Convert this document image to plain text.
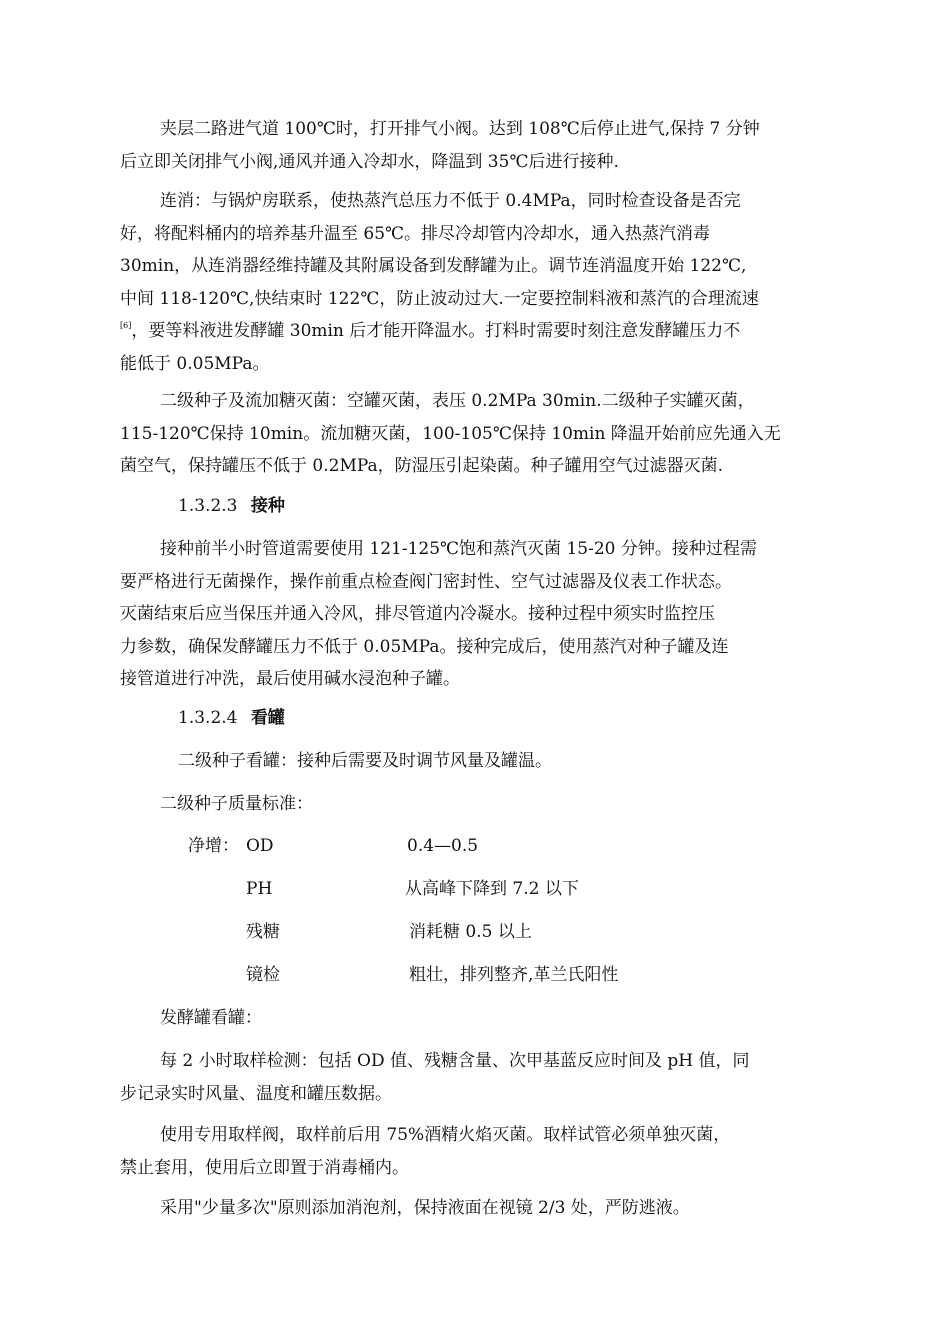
夹层二路进气道 100℃时，打开排气小阀。达到 108℃后停止进气,保持 7 分钟
后立即关闭排气小阀,通风并通入冷却水，降温到 35℃后进行接种.
连消：与锅炉房联系，使热蒸汽总压力不低于 0.4MPa，同时检查设备是否完
好，将配料桶内的培养基升温至 65℃。排尽冷却管内冷却水，通入热蒸汽消毒
30min，从连消器经维持罐及其附属设备到发酵罐为止。调节连消温度开始 122℃,
中间 118-120℃,快结束时 122℃，防止波动过大.一定要控制料液和蒸汽的合理流速
[6]，要等料液进发酵罐 30min 后才能开降温水。打料时需要时刻注意发酵罐压力不
能低于 0.05MPa。
二级种子及流加糖灭菌：空罐灭菌，表压 0.2MPa 30min.二级种子实罐灭菌，
115-120℃保持 10min。流加糖灭菌，100-105℃保持 10min 降温开始前应先通入无
菌空气，保持罐压不低于 0.2MPa，防湿压引起染菌。种子罐用空气过滤器灭菌.
1.3.2.3 接种
接种前半小时管道需要使用 121-125℃饱和蒸汽灭菌 15-20 分钟。接种过程需
要严格进行无菌操作，操作前重点检查阀门密封性、空气过滤器及仪表工作状态。
灭菌结束后应当保压并通入冷风，排尽管道内冷凝水。接种过程中须实时监控压
力参数，确保发酵罐压力不低于 0.05MPa。接种完成后，使用蒸汽对种子罐及连
接管道进行冲洗，最后使用碱水浸泡种子罐。
1.3.2.4 看罐
二级种子看罐：接种后需要及时调节风量及罐温。
二级种子质量标准：
净增： OD	0.4—0.5
PH	从高峰下降到 7.2 以下
残糖	消耗糖 0.5 以上
镜检	粗壮，排列整齐,革兰氏阳性
发酵罐看罐：
每 2 小时取样检测：包括 OD 值、残糖含量、次甲基蓝反应时间及 pH 值，同
步记录实时风量、温度和罐压数据。
使用专用取样阀，取样前后用 75%酒精火焰灭菌。取样试管必须单独灭菌，
禁止套用，使用后立即置于消毒桶内。
采用"少量多次"原则添加消泡剂，保持液面在视镜 2/3 处，严防逃液。
